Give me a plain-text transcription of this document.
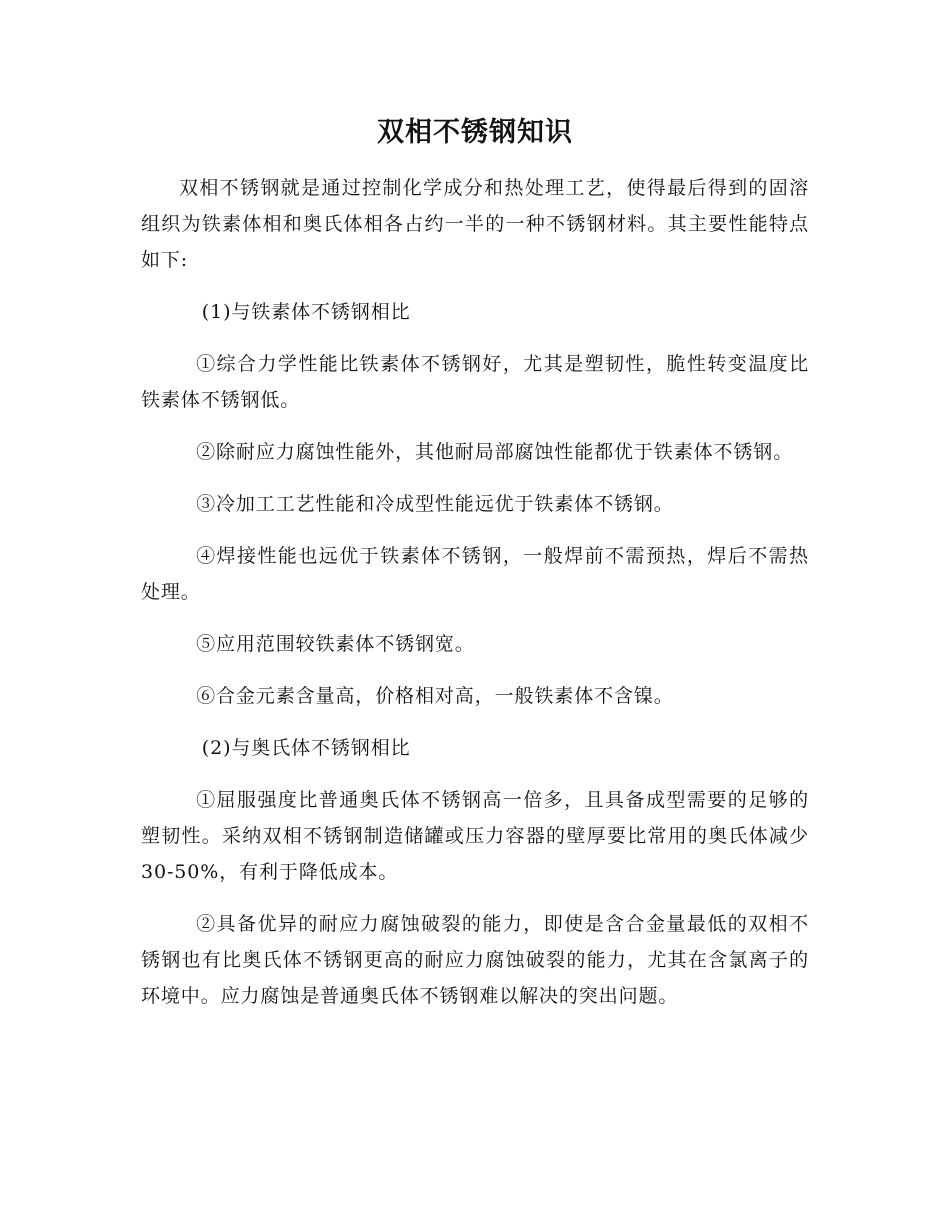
双相不锈钢知识

双相不锈钢就是通过控制化学成分和热处理工艺，使得最后得到的固溶组织为铁素体相和奥氏体相各占约一半的一种不锈钢材料。其主要性能特点如下:

(1)与铁素体不锈钢相比

①综合力学性能比铁素体不锈钢好，尤其是塑韧性，脆性转变温度比铁素体不锈钢低。

②除耐应力腐蚀性能外，其他耐局部腐蚀性能都优于铁素体不锈钢。

③冷加工工艺性能和冷成型性能远优于铁素体不锈钢。

④焊接性能也远优于铁素体不锈钢，一般焊前不需预热，焊后不需热处理。

⑤应用范围较铁素体不锈钢宽。

⑥合金元素含量高，价格相对高，一般铁素体不含镍。

(2)与奥氏体不锈钢相比

①屈服强度比普通奥氏体不锈钢高一倍多，且具备成型需要的足够的塑韧性。采纳双相不锈钢制造储罐或压力容器的壁厚要比常用的奥氏体减少30-50%，有利于降低成本。

②具备优异的耐应力腐蚀破裂的能力，即使是含合金量最低的双相不锈钢也有比奥氏体不锈钢更高的耐应力腐蚀破裂的能力，尤其在含氯离子的环境中。应力腐蚀是普通奥氏体不锈钢难以解决的突出问题。
